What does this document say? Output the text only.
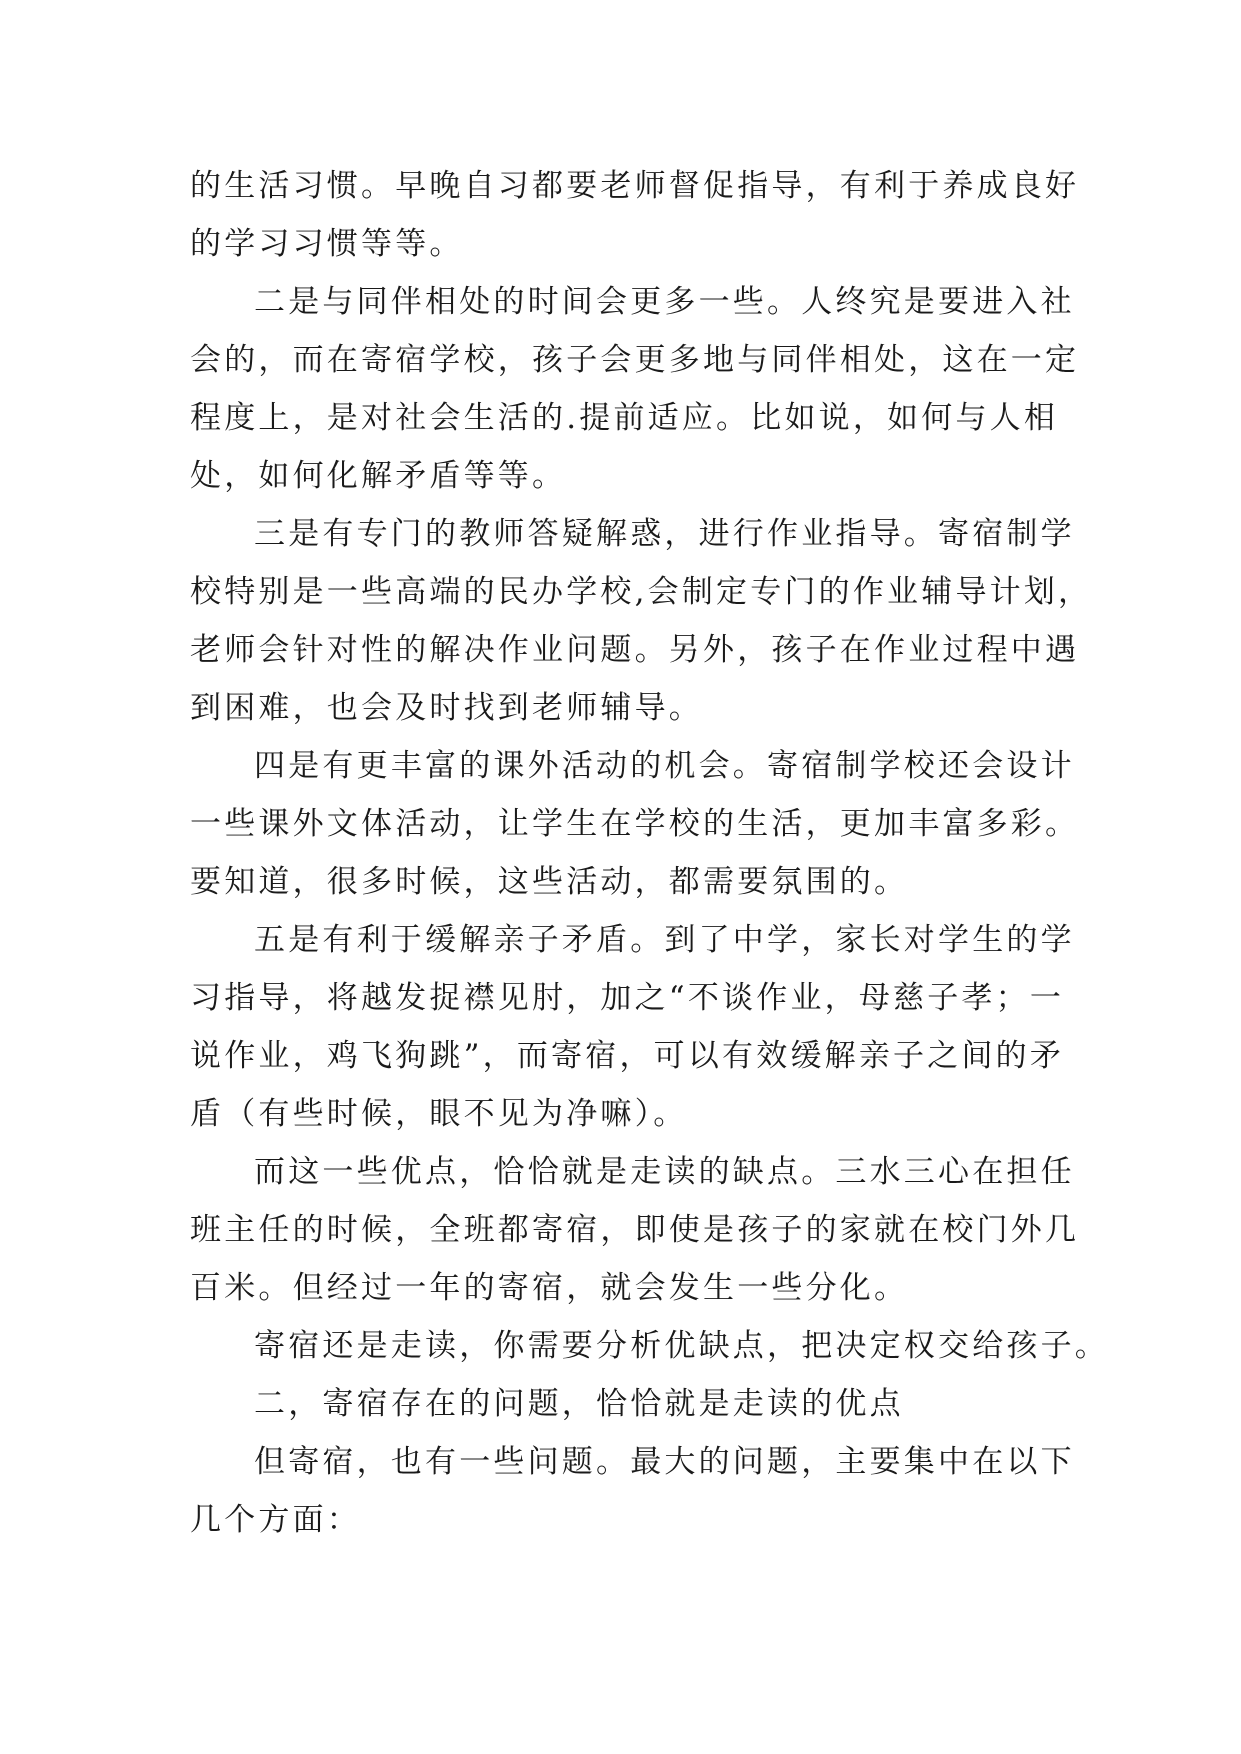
的生活习惯。早晚自习都要老师督促指导，有利于养成良好
的学习习惯等等。
二是与同伴相处的时间会更多一些。人终究是要进入社
会的，而在寄宿学校，孩子会更多地与同伴相处，这在一定
程度上，是对社会生活的.提前适应。比如说，如何与人相
处，如何化解矛盾等等。
三是有专门的教师答疑解惑，进行作业指导。寄宿制学
校特别是一些高端的民办学校,会制定专门的作业辅导计划，
老师会针对性的解决作业问题。另外，孩子在作业过程中遇
到困难，也会及时找到老师辅导。
四是有更丰富的课外活动的机会。寄宿制学校还会设计
一些课外文体活动，让学生在学校的生活，更加丰富多彩。
要知道，很多时候，这些活动，都需要氛围的。
五是有利于缓解亲子矛盾。到了中学，家长对学生的学
习指导，将越发捉襟见肘，加之“不谈作业，母慈子孝；一
说作业，鸡飞狗跳”，而寄宿，可以有效缓解亲子之间的矛
盾（有些时候，眼不见为净嘛）。
而这一些优点，恰恰就是走读的缺点。三水三心在担任
班主任的时候，全班都寄宿，即使是孩子的家就在校门外几
百米。但经过一年的寄宿，就会发生一些分化。
寄宿还是走读，你需要分析优缺点，把决定权交给孩子。
二，寄宿存在的问题，恰恰就是走读的优点
但寄宿，也有一些问题。最大的问题，主要集中在以下
几个方面：
